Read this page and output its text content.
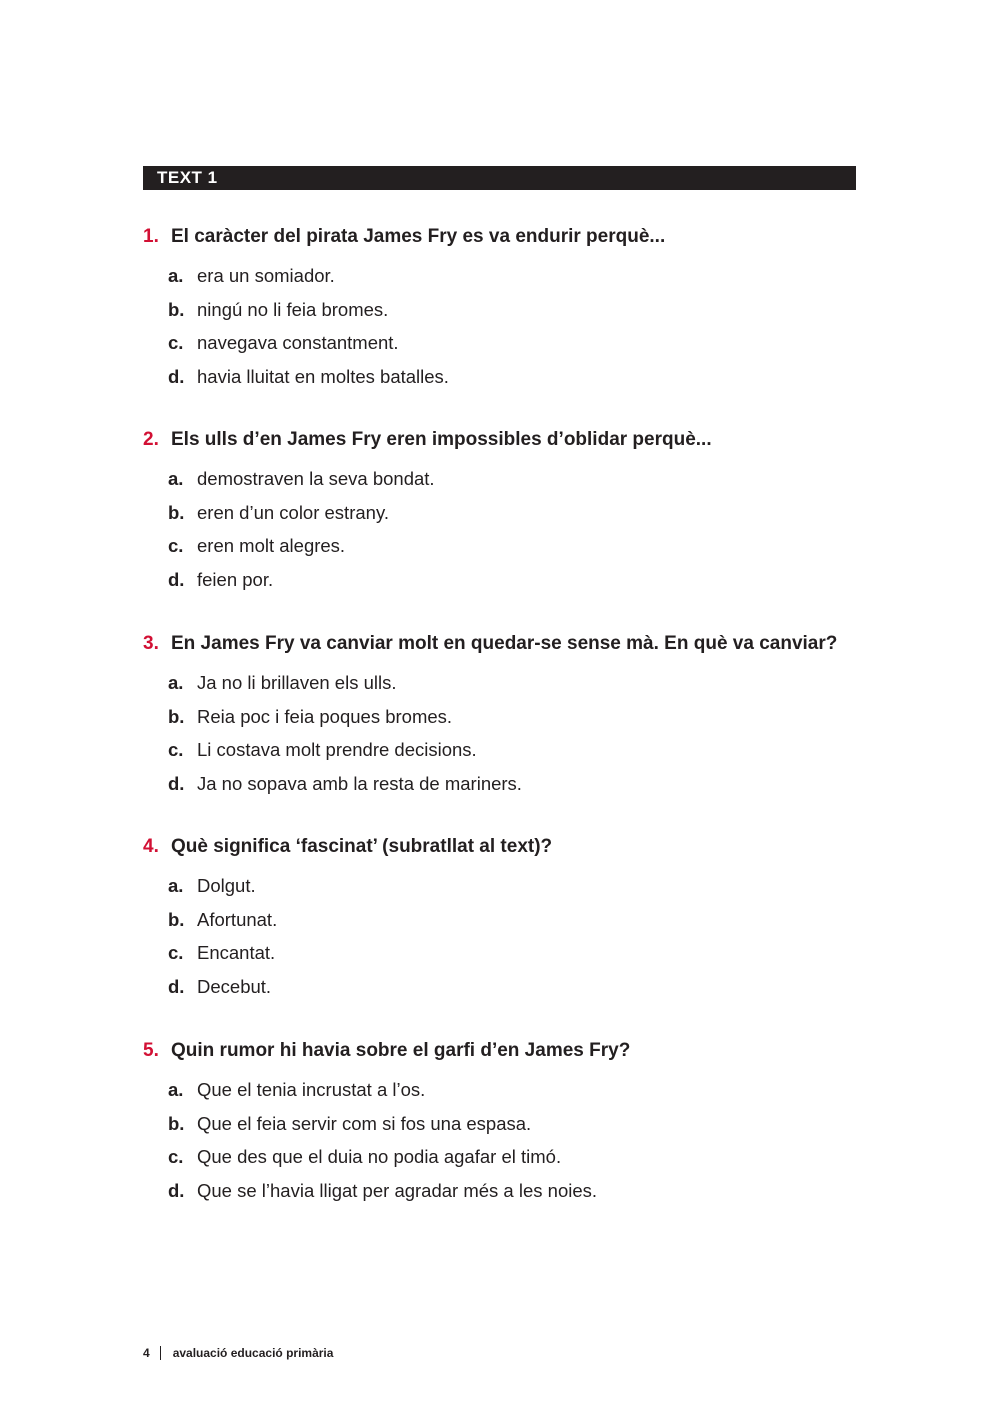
TEXT 1
1. El caràcter del pirata James Fry es va endurir perquè...
a. era un somiador.
b. ningú no li feia bromes.
c. navegava constantment.
d. havia lluitat en moltes batalles.
2. Els ulls d’en James Fry eren impossibles d’oblidar perquè...
a. demostraven la seva bondat.
b. eren d’un color estrany.
c. eren molt alegres.
d. feien por.
3. En James Fry va canviar molt en quedar-se sense mà. En què va canviar?
a. Ja no li brillaven els ulls.
b. Reia poc i feia poques bromes.
c. Li costava molt prendre decisions.
d. Ja no sopava amb la resta de mariners.
4. Què significa ‘fascinat’ (subratllat al text)?
a. Dolgut.
b. Afortunat.
c. Encantat.
d. Decebut.
5. Quin rumor hi havia sobre el garfi d’en James Fry?
a. Que el tenia incrustat a l’os.
b. Que el feia servir com si fos una espasa.
c. Que des que el duia no podia agafar el timó.
d. Que se l’havia lligat per agradar més a les noies.
4 avaluació educació primària
